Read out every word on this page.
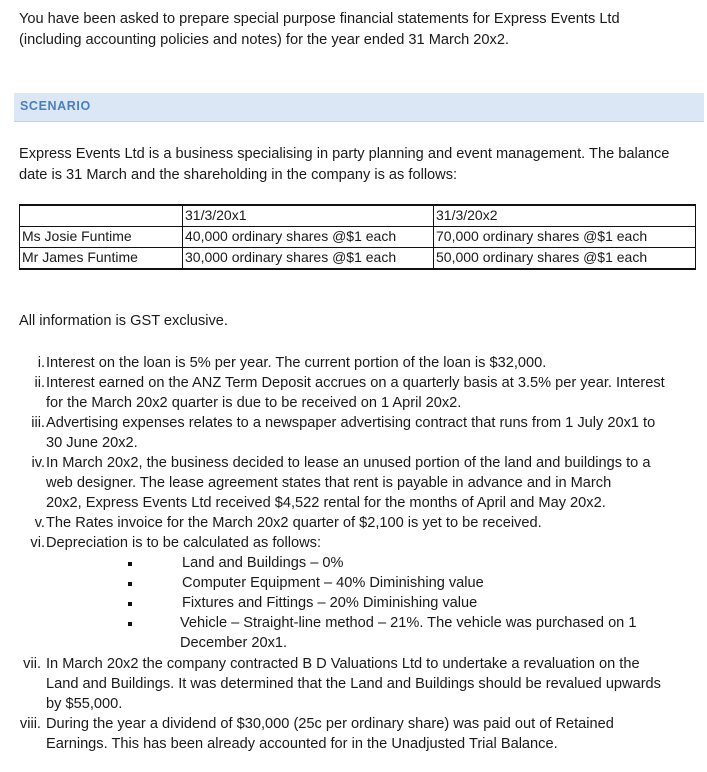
You have been asked to prepare special purpose financial statements for Express Events Ltd
(including accounting policies and notes) for the year ended 31 March 20x2.
SCENARIO
Express Events Ltd is a business specialising in party planning and event management. The balance
date is 31 March and the shareholding in the company is as follows:
	31/3/20x1	31/3/20x2
Ms Josie Funtime	40,000 ordinary shares @$1 each	70,000 ordinary shares @$1 each
Mr James Funtime	30,000 ordinary shares @$1 each	50,000 ordinary shares @$1 each
All information is GST exclusive.
i. Interest on the loan is 5% per year. The current portion of the loan is $32,000.
ii. Interest earned on the ANZ Term Deposit accrues on a quarterly basis at 3.5% per year. Interest
for the March 20x2 quarter is due to be received on 1 April 20x2.
iii. Advertising expenses relates to a newspaper advertising contract that runs from 1 July 20x1 to
30 June 20x2.
iv. In March 20x2, the business decided to lease an unused portion of the land and buildings to a
web designer. The lease agreement states that rent is payable in advance and in March
20x2, Express Events Ltd received $4,522 rental for the months of April and May 20x2.
v. The Rates invoice for the March 20x2 quarter of $2,100 is yet to be received.
vi. Depreciation is to be calculated as follows:
Land and Buildings – 0%
Computer Equipment – 40% Diminishing value
Fixtures and Fittings – 20% Diminishing value
Vehicle – Straight-line method – 21%. The vehicle was purchased on 1
December 20x1.
vii. In March 20x2 the company contracted B D Valuations Ltd to undertake a revaluation on the
Land and Buildings. It was determined that the Land and Buildings should be revalued upwards
by $55,000.
viii. During the year a dividend of $30,000 (25c per ordinary share) was paid out of Retained
Earnings. This has been already accounted for in the Unadjusted Trial Balance.
